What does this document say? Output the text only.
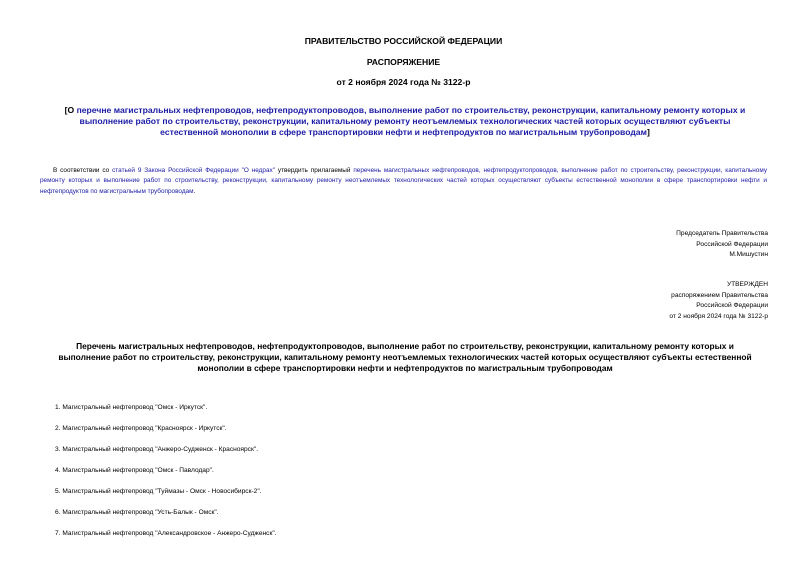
ПРАВИТЕЛЬСТВО РОССИЙСКОЙ ФЕДЕРАЦИИ
РАСПОРЯЖЕНИЕ
от 2 ноября 2024 года № 3122-р
[О перечне магистральных нефтепроводов, нефтепродуктопроводов, выполнение работ по строительству, реконструкции, капитальному ремонту которых и выполнение работ по строительству, реконструкции, капитальному ремонту неотъемлемых технологических частей которых осуществляют субъекты естественной монополии в сфере транспортировки нефти и нефтепродуктов по магистральным трубопроводам]
В соответствии со статьей 9 Закона Российской Федерации "О недрах" утвердить прилагаемый перечень магистральных нефтепроводов, нефтепродуктопроводов, выполнение работ по строительству, реконструкции, капитальному ремонту которых и выполнение работ по строительству, реконструкции, капитальному ремонту неотъемлемых технологических частей которых осуществляют субъекты естественной монополии в сфере транспортировки нефти и нефтепродуктов по магистральным трубопроводам.
Председатель Правительства
Российской Федерации
М.Мишустин
УТВЕРЖДЕН
распоряжением Правительства
Российской Федерации
от 2 ноября 2024 года № 3122-р
Перечень магистральных нефтепроводов, нефтепродуктопроводов, выполнение работ по строительству, реконструкции, капитальному ремонту которых и выполнение работ по строительству, реконструкции, капитальному ремонту неотъемлемых технологических частей которых осуществляют субъекты естественной монополии в сфере транспортировки нефти и нефтепродуктов по магистральным трубопроводам
1. Магистральный нефтепровод "Омск - Иркутск".
2. Магистральный нефтепровод "Красноярск - Иркутск".
3. Магистральный нефтепровод "Анжеро-Судженск - Красноярск".
4. Магистральный нефтепровод "Омск - Павлодар".
5. Магистральный нефтепровод "Туймазы - Омск - Новосибирск-2".
6. Магистральный нефтепровод "Усть-Балык - Омск".
7. Магистральный нефтепровод "Александровское - Анжеро-Судженск".
